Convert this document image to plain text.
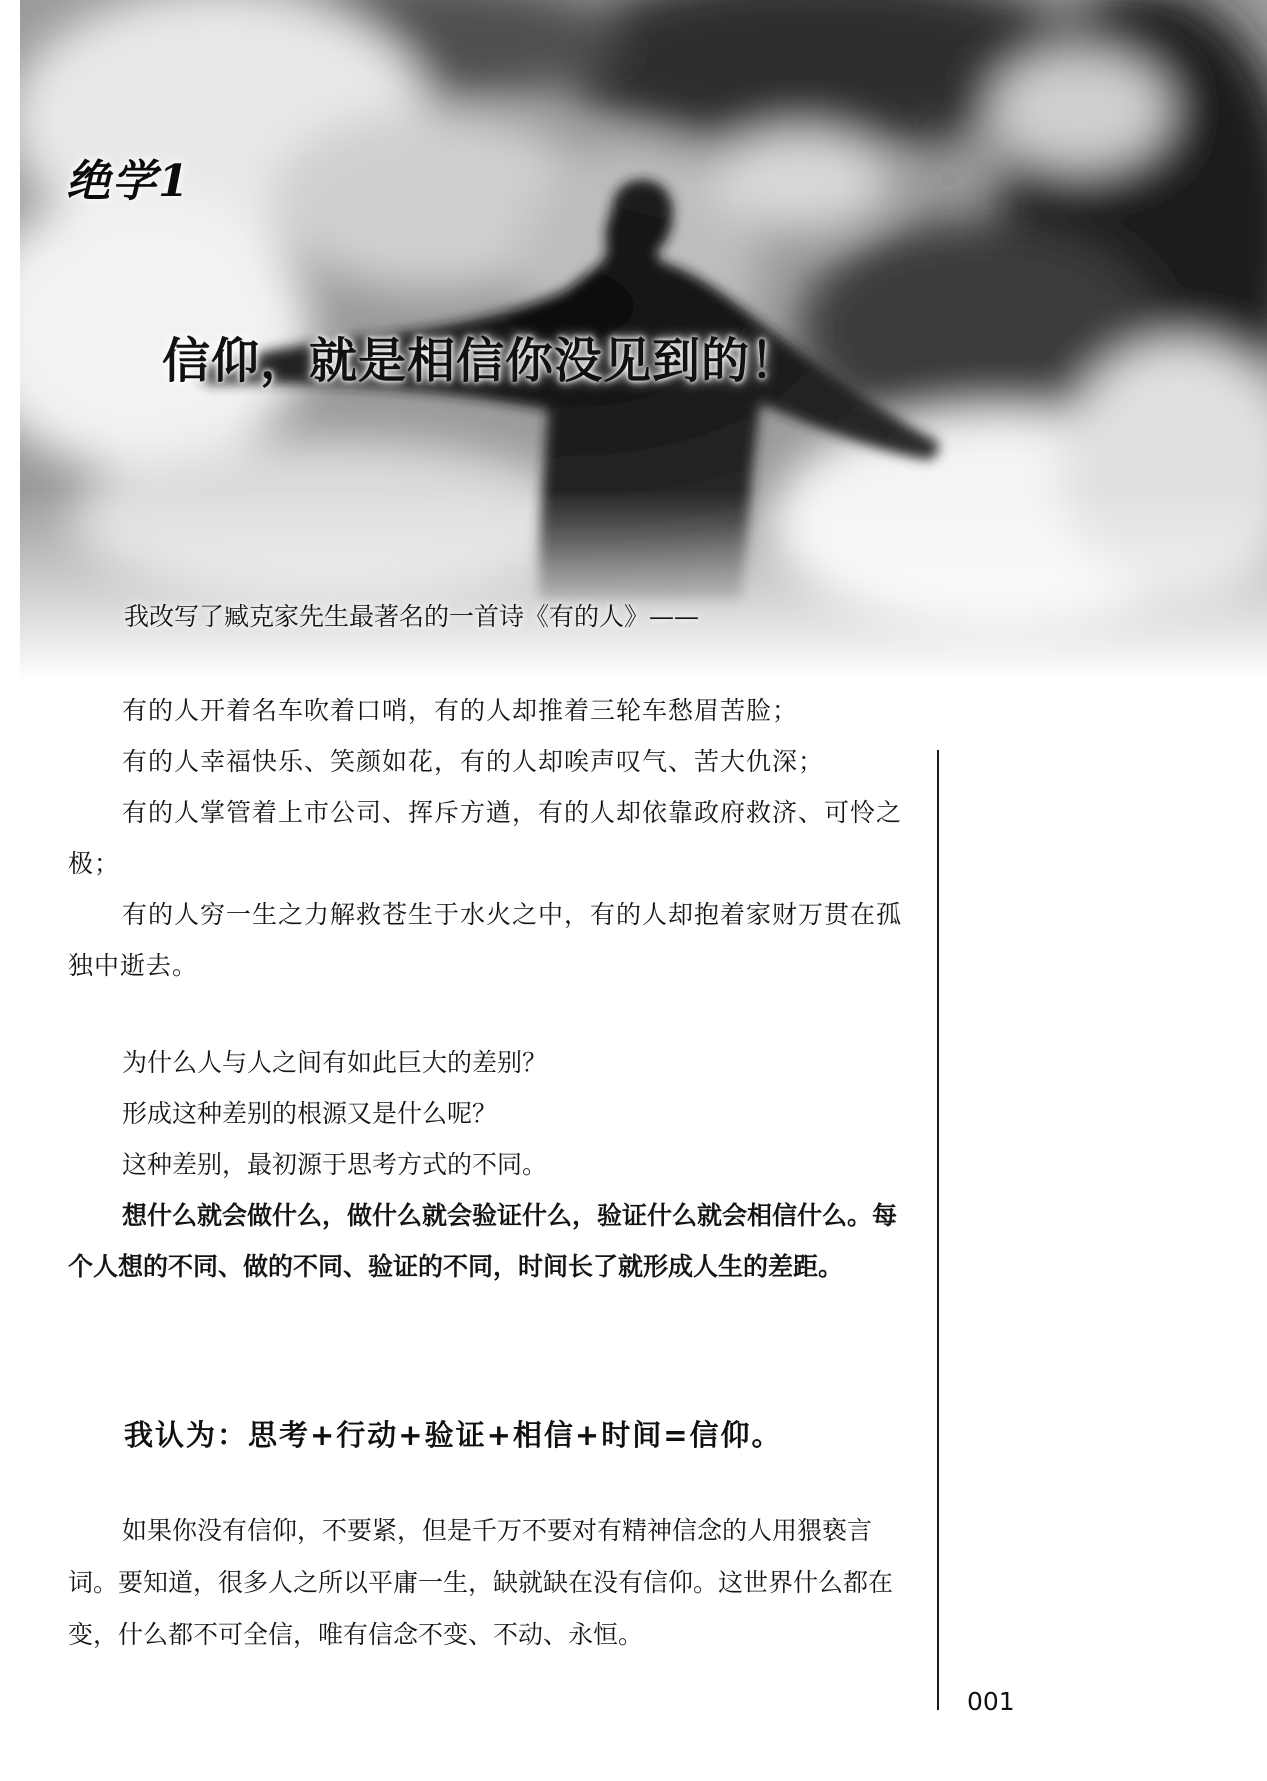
绝学1
信仰，就是相信你没见到的！
我改写了臧克家先生最著名的一首诗《有的人》——

有的人开着名车吹着口哨，有的人却推着三轮车愁眉苦脸；

有的人幸福快乐、笑颜如花，有的人却唉声叹气、苦大仇深；

有的人掌管着上市公司、挥斥方遒，有的人却依靠政府救济、可怜之极；

有的人穷一生之力解救苍生于水火之中，有的人却抱着家财万贯在孤独中逝去。

为什么人与人之间有如此巨大的差别？

形成这种差别的根源又是什么呢？

这种差别，最初源于思考方式的不同。

想什么就会做什么，做什么就会验证什么，验证什么就会相信什么。每个人想的不同、做的不同、验证的不同，时间长了就形成人生的差距。

我认为：思考+行动+验证+相信+时间=信仰。

如果你没有信仰，不要紧，但是千万不要对有精神信念的人用猥亵言词。要知道，很多人之所以平庸一生，缺就缺在没有信仰。这世界什么都在变，什么都不可全信，唯有信念不变、不动、永恒。

001
